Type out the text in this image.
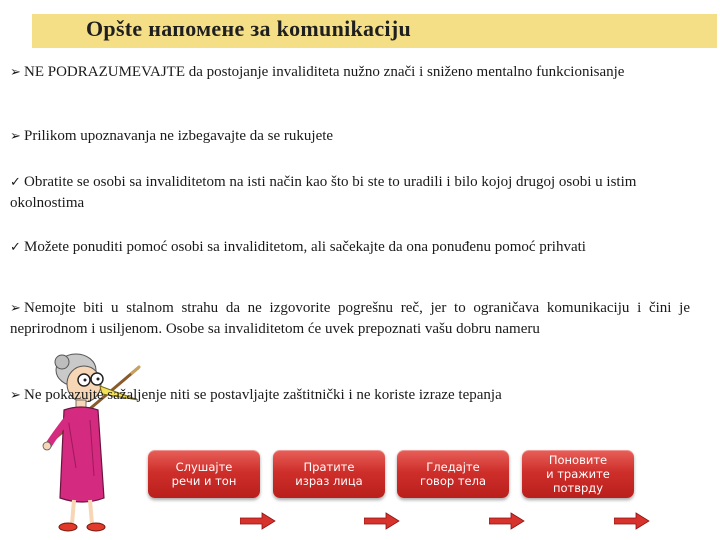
Opšte напомене за komunikaciju

➢ NE PODRAZUMEVAJTE da postojanje invaliditeta nužno znači i sniženo mentalno funkcionisanje

➢ Prilikom upoznavanja ne izbegavajte da se rukujete

✓ Obratite se osobi sa invaliditetom na isti način kao što bi ste to uradili i bilo kojoj drugoj osobi u istim okolnostima

✓ Možete ponuditi pomoć osobi sa invaliditetom, ali sačekajte da ona ponuđenu pomoć prihvati

➢ Nemojte biti u stalnom strahu da ne izgovorite pogrešnu reč, jer to ograničava komunikaciju i čini je neprirodnom i usiljenom. Osobe sa invaliditetom će uvek prepoznati vašu dobru nameru

➢ Ne pokazujte sažaljenje niti se postavljajte zaštitnički i ne koriste izraze tepanja

Слушајте
речи и тон
Пратите
израз лица
Гледајте
говор тела
Поновите
и тражите
потврду
